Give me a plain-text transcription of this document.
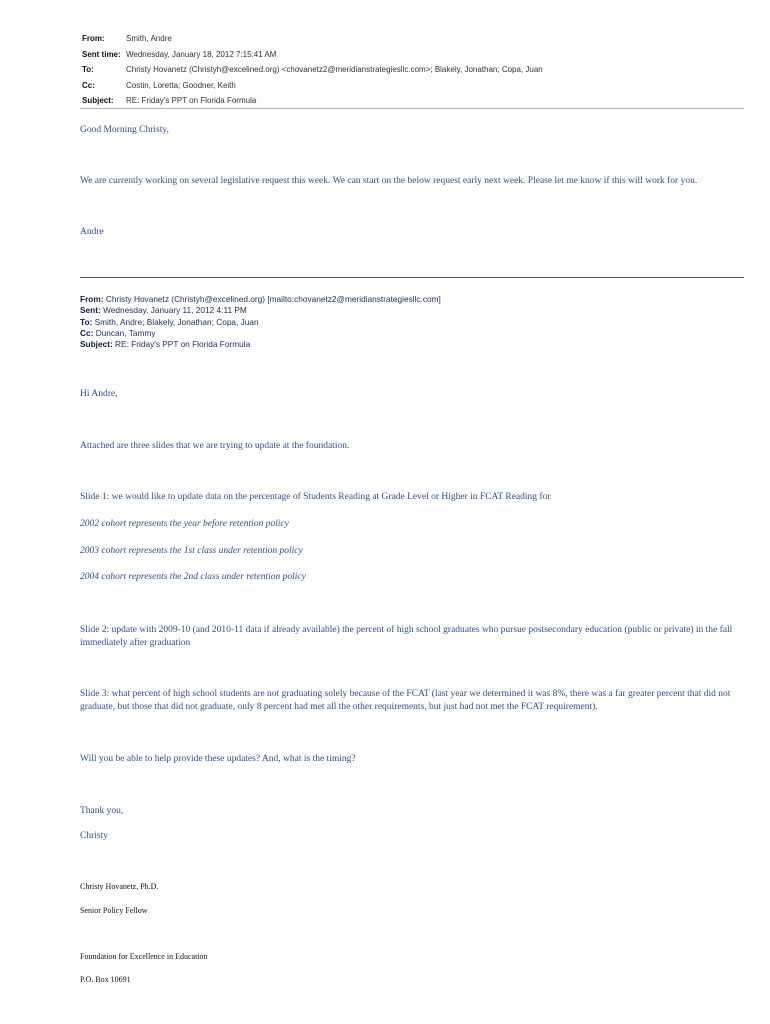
From:	Smith, Andre
Sent time: Wednesday, January 18, 2012 7:15:41 AM
To:	Christy Hovanetz (Christyh@excelined.org) <chovanetz2@meridianstrategiesllc.com>; Blakely, Jonathan; Copa, Juan
Cc:	Costin, Loretta; Goodner, Keith
Subject:	RE: Friday's PPT on Florida Formula
Good Morning Christy,
We are currently working on several legislative request this week. We can start on the below request early next week. Please let me know if this will work for you.
Andre
From: Christy Hovanetz (Christyh@excelined.org) [mailto:chovanetz2@meridianstrategiesllc.com]
Sent: Wednesday, January 11, 2012 4:11 PM
To: Smith, Andre; Blakely, Jonathan; Copa, Juan
Cc: Duncan, Tammy
Subject: RE: Friday's PPT on Florida Formula
Hi Andre,
Attached are three slides that we are trying to update at the foundation.
Slide 1: we would like to update data on the percentage of Students Reading at Grade Level or Higher in FCAT Reading for
2002 cohort represents the year before retention policy
2003 cohort represents the 1st class under retention policy
2004 cohort represents the 2nd class under retention policy
Slide 2: update with 2009-10 (and 2010-11 data if already available) the percent of high school graduates who pursue postsecondary education (public or private) in the fall immediately after graduation
Slide 3: what percent of high school students are not graduating solely because of the FCAT (last year we determined it was 8%, there was a far greater percent that did not graduate, but those that did not graduate, only 8 percent had met all the other requirements, but just had not met the FCAT requirement).
Will you be able to help provide these updates? And, what is the timing?
Thank you,
Christy
Christy Hovanetz, Ph.D.
Senior Policy Fellow
Foundation for Excellence in Education
P.O. Box 10691
